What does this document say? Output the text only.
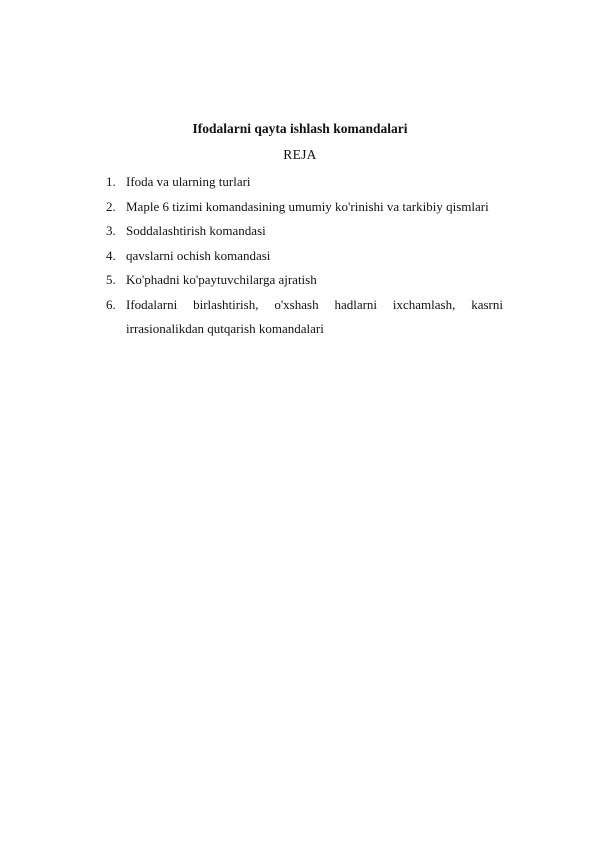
Ifodalarni qayta ishlash komandalari
REJA
1. Ifoda va ularning turlari
2. Maple 6 tizimi komandasining umumiy ko'rinishi va tarkibiy qismlari
3. Soddalashtirish komandasi
4. qavslarni ochish komandasi
5. Ko'phadni ko'paytuvchilarga ajratish
6. Ifodalarni birlashtirish, o'xshash hadlarni ixchamlash, kasrni irrasionalikdan qutqarish komandalari
